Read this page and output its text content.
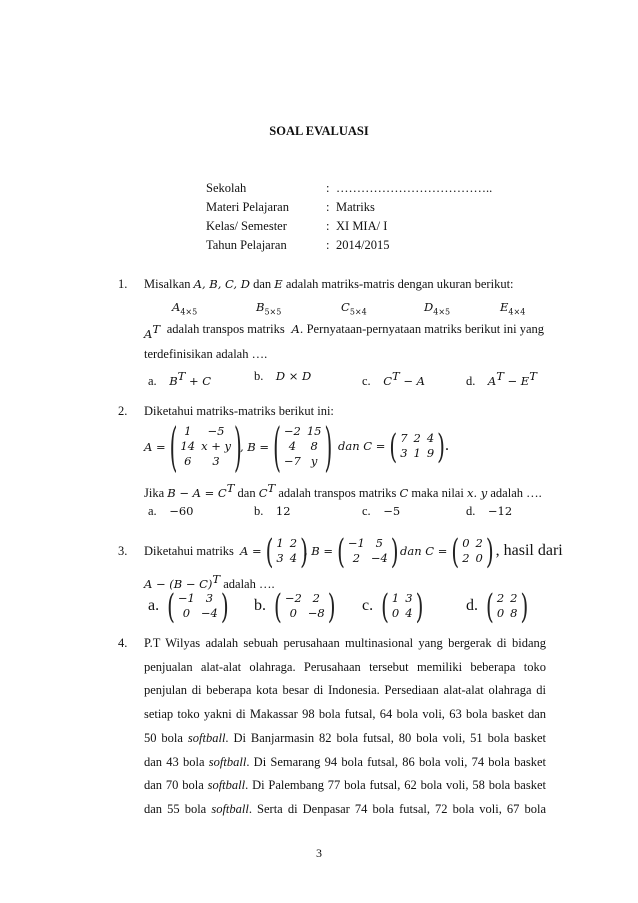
SOAL EVALUASI
Sekolah	: ………………………………..
Materi Pelajaran	: Matriks
Kelas/ Semester	: XI MIA/ I
Tahun Pelajaran	: 2014/2015
1. Misalkan A, B, C, D dan E adalah matriks-matris dengan ukuran berikut:
$A_{4\times 5}$	$B_{5\times 5}$	$C_{5\times 4}$	$D_{4\times 5}$	$E_{4\times 4}$
$A^T$ adalah transpos matriks A. Pernyataan-pernyataan matriks berikut ini yang
terdefinisikan adalah ….
a. $B^T + C$	b. D × D	c. $C^T - A$	d. $A^T - E^T$
2. Diketahui matriks-matriks berikut ini:
A = ( 1	−5
14 x + y
6	3 )
, B = ( −2 15
4	8
−7 y ) dan C = ( 7 2 4
3 1 9 ) .
Jika $B - A = C^T$ dan $C^T$ adalah transpos matriks C maka nilai x. y adalah ….
a. −60	b. 12	c. −5	d. −12
3. Diketahui matriks A = ( 1 2
3 4 )
, B = ( −1 5
2 −4 ) dan C = ( 0 2
2 0 ) , hasil dari
$A - (B - C)^T$ adalah ….
a. ( −1 3
0 −4 ) b. ( −2 2
0 −8 ) c. ( 1 3
0 4 )	d. ( 2 2
0 8 )
4. P.T Wilyas adalah sebuah perusahaan multinasional yang bergerak di bidang
penjualan alat-alat olahraga. Perusahaan tersebut memiliki beberapa toko
penjulan di beberapa kota besar di Indonesia. Persediaan alat-alat olahraga di
setiap toko yakni di Makassar 98 bola futsal, 64 bola voli, 63 bola basket dan
50 bola softball. Di Banjarmasin 82 bola futsal, 80 bola voli, 51 bola basket
dan 43 bola softball. Di Semarang 94 bola futsal, 86 bola voli, 74 bola basket
dan 70 bola softball. Di Palembang 77 bola futsal, 62 bola voli, 58 bola basket
dan 55 bola softball. Serta di Denpasar 74 bola futsal, 72 bola voli, 67 bola
3
